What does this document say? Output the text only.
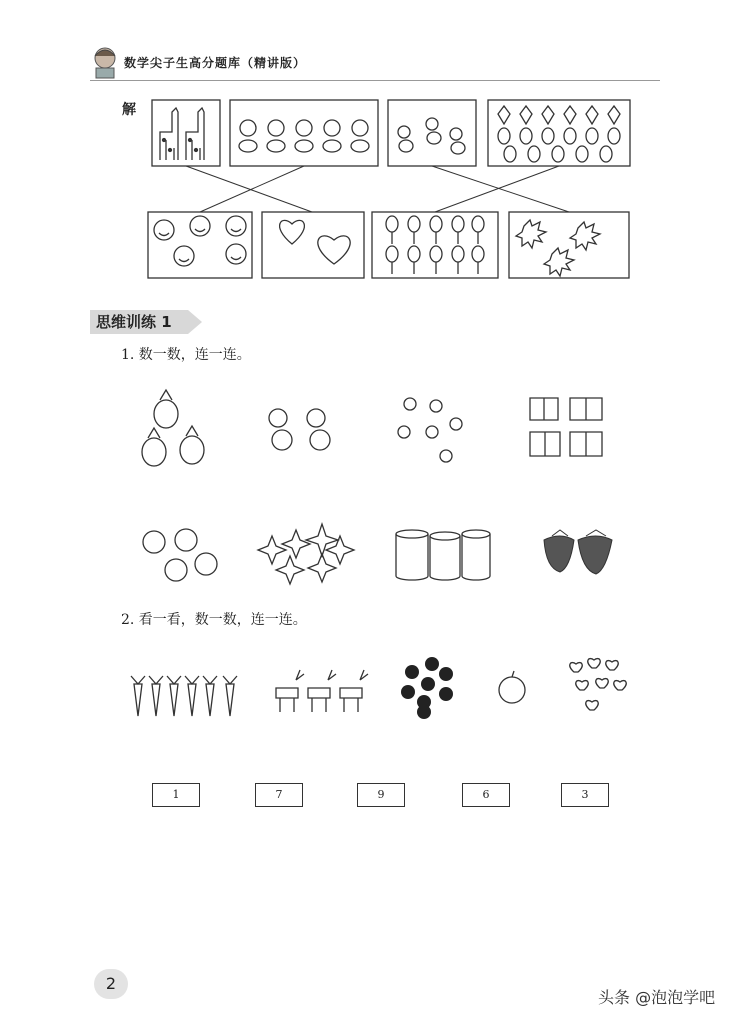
数学尖子生高分题库（精讲版）
解
思维训练 1
1. 数一数，连一连。
2. 看一看，数一数，连一连。
1	7	9	6	3
2
头条 @泡泡学吧
